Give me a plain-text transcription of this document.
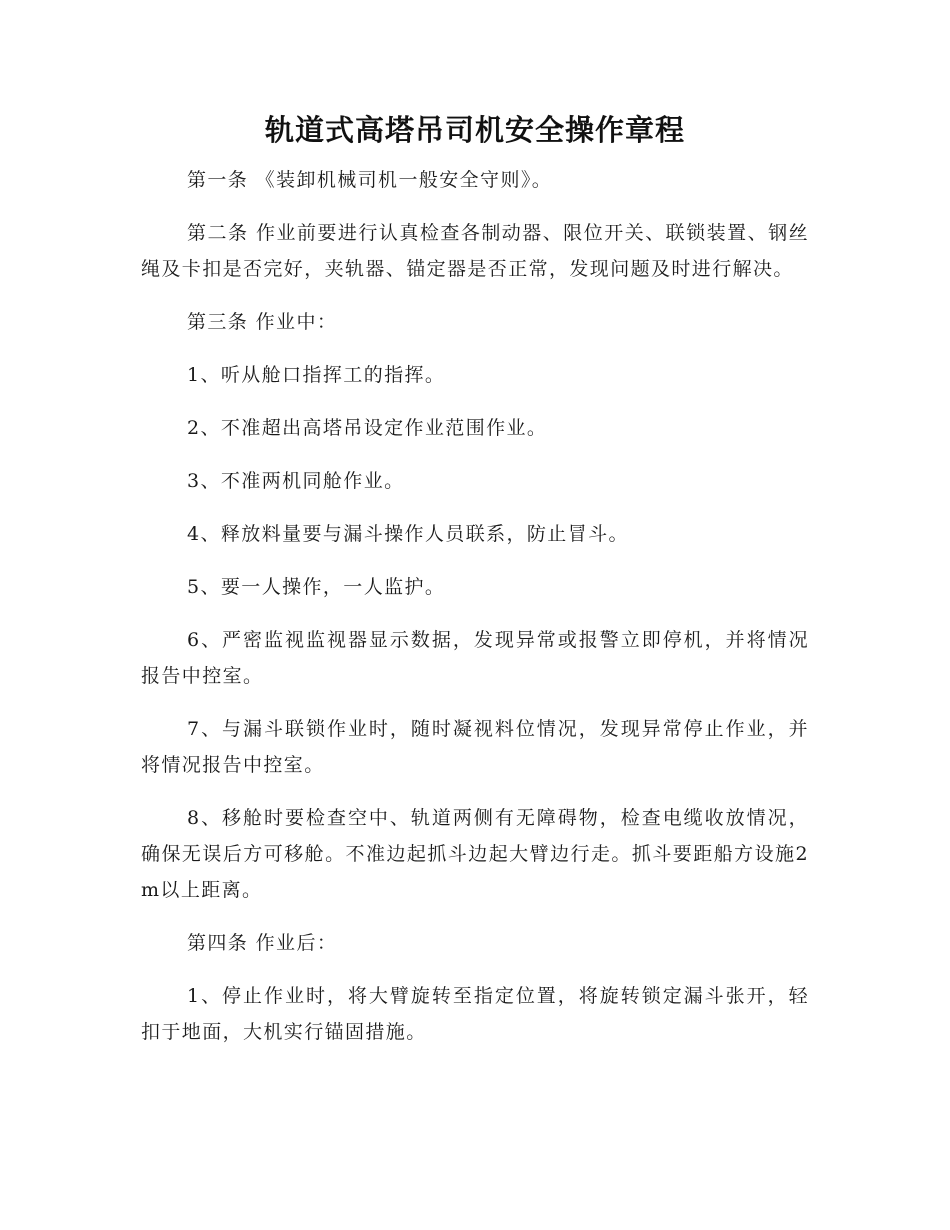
轨道式高塔吊司机安全操作章程

第一条 《装卸机械司机一般安全守则》。

第二条 作业前要进行认真检查各制动器、限位开关、联锁装置、钢丝绳及卡扣是否完好，夹轨器、锚定器是否正常，发现问题及时进行解决。

第三条 作业中：

1、听从舱口指挥工的指挥。

2、不准超出高塔吊设定作业范围作业。

3、不准两机同舱作业。

4、释放料量要与漏斗操作人员联系，防止冒斗。

5、要一人操作，一人监护。

6、严密监视监视器显示数据，发现异常或报警立即停机，并将情况报告中控室。

7、与漏斗联锁作业时，随时凝视料位情况，发现异常停止作业，并将情况报告中控室。

8、移舱时要检查空中、轨道两侧有无障碍物，检查电缆收放情况，确保无误后方可移舱。不准边起抓斗边起大臂边行走。抓斗要距船方设施2m以上距离。

第四条 作业后：

1、停止作业时，将大臂旋转至指定位置，将旋转锁定漏斗张开，轻扣于地面，大机实行锚固措施。
